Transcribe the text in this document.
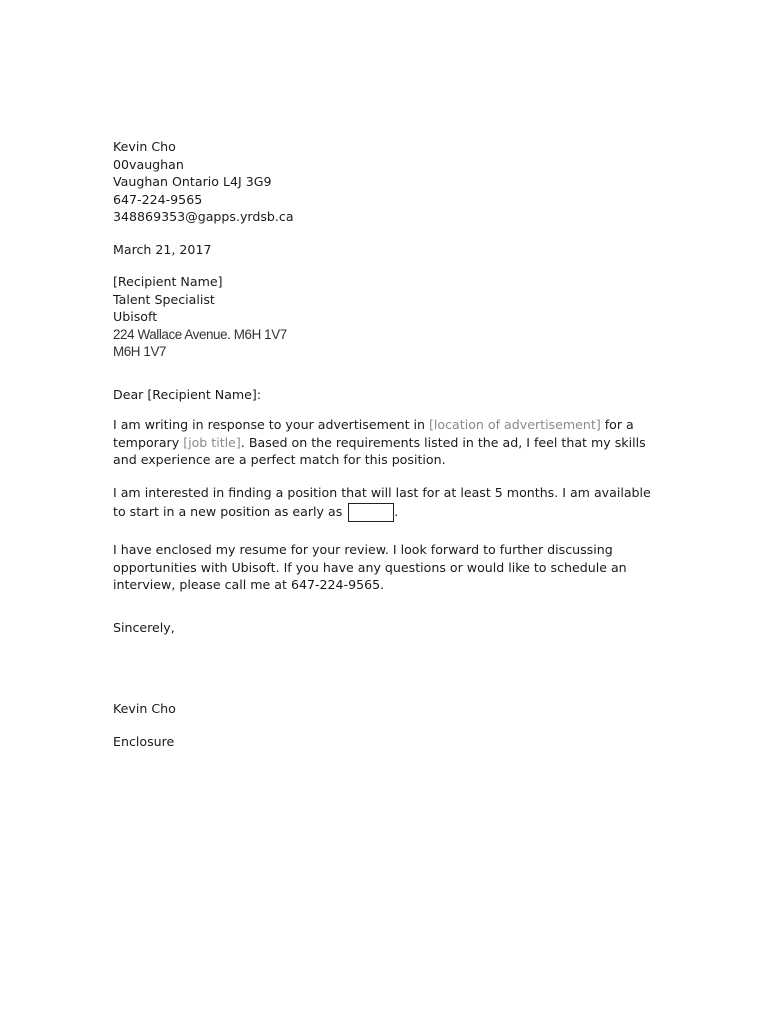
Kevin Cho
00vaughan
Vaughan Ontario L4J 3G9
647-224-9565
348869353@gapps.yrdsb.ca
March 21, 2017
[Recipient Name]
Talent Specialist
Ubisoft
224 Wallace Avenue. M6H 1V7
M6H 1V7
Dear [Recipient Name]:
I am writing in response to your advertisement in [location of advertisement] for a
temporary [job title]. Based on the requirements listed in the ad, I feel that my skills
and experience are a perfect match for this position.
I am interested in finding a position that will last for at least 5 months. I am available
to start in a new position as early as	.
I have enclosed my resume for your review. I look forward to further discussing
opportunities with Ubisoft. If you have any questions or would like to schedule an
interview, please call me at 647-224-9565.
Sincerely,
Kevin Cho
Enclosure
